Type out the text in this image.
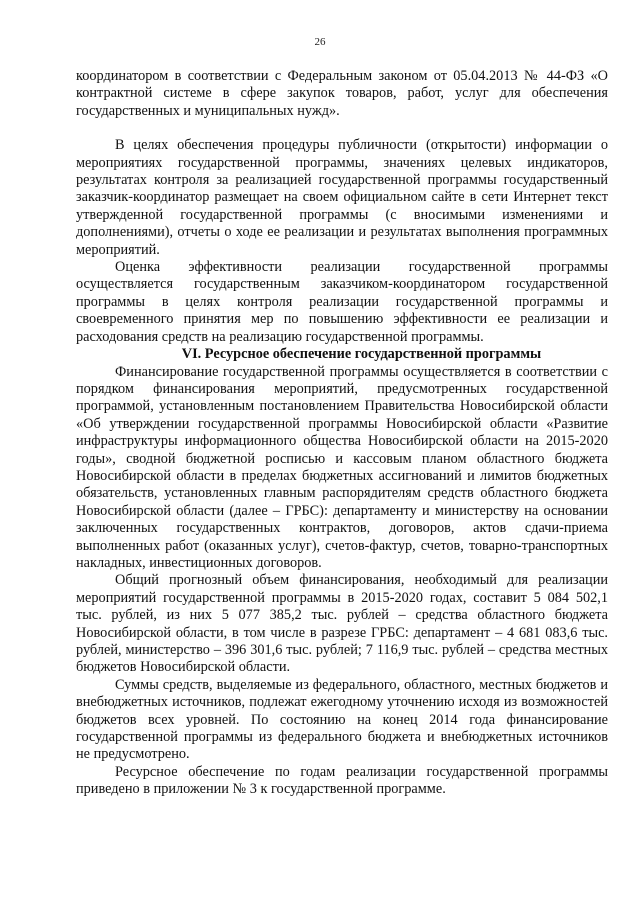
26

координатором в соответствии с Федеральным законом от 05.04.2013 № 44-ФЗ «О контрактной системе в сфере закупок товаров, работ, услуг для обеспечения государственных и муниципальных нужд».

В целях обеспечения процедуры публичности (открытости) информации о мероприятиях государственной программы, значениях целевых индикаторов, результатах контроля за реализацией государственной программы государственный заказчик-координатор размещает на своем официальном сайте в сети Интернет текст утвержденной государственной программы (с вносимыми изменениями и дополнениями), отчеты о ходе ее реализации и результатах выполнения программных мероприятий.

Оценка эффективности реализации государственной программы осуществляется государственным заказчиком-координатором государственной программы в целях контроля реализации государственной программы и своевременного принятия мер по повышению эффективности ее реализации и расходования средств на реализацию государственной программы.

VI. Ресурсное обеспечение государственной программы

Финансирование государственной программы осуществляется в соответствии с порядком финансирования мероприятий, предусмотренных государственной программой, установленным постановлением Правительства Новосибирской области «Об утверждении государственной программы Новосибирской области «Развитие инфраструктуры информационного общества Новосибирской области на 2015-2020 годы», сводной бюджетной росписью и кассовым планом областного бюджета Новосибирской области в пределах бюджетных ассигнований и лимитов бюджетных обязательств, установленных главным распорядителям средств областного бюджета Новосибирской области (далее – ГРБС): департаменту и министерству на основании заключенных государственных контрактов, договоров, актов сдачи-приема выполненных работ (оказанных услуг), счетов-фактур, счетов, товарно-транспортных накладных, инвестиционных договоров.

Общий прогнозный объем финансирования, необходимый для реализации мероприятий государственной программы в 2015-2020 годах, составит 5 084 502,1 тыс. рублей, из них 5 077 385,2 тыс. рублей – средства областного бюджета Новосибирской области, в том числе в разрезе ГРБС: департамент – 4 681 083,6 тыс. рублей, министерство – 396 301,6 тыс. рублей; 7 116,9 тыс. рублей – средства местных бюджетов Новосибирской области.

Суммы средств, выделяемые из федерального, областного, местных бюджетов и внебюджетных источников, подлежат ежегодному уточнению исходя из возможностей бюджетов всех уровней. По состоянию на конец 2014 года финансирование государственной программы из федерального бюджета и внебюджетных источников не предусмотрено.

Ресурсное обеспечение по годам реализации государственной программы приведено в приложении № 3 к государственной программе.
